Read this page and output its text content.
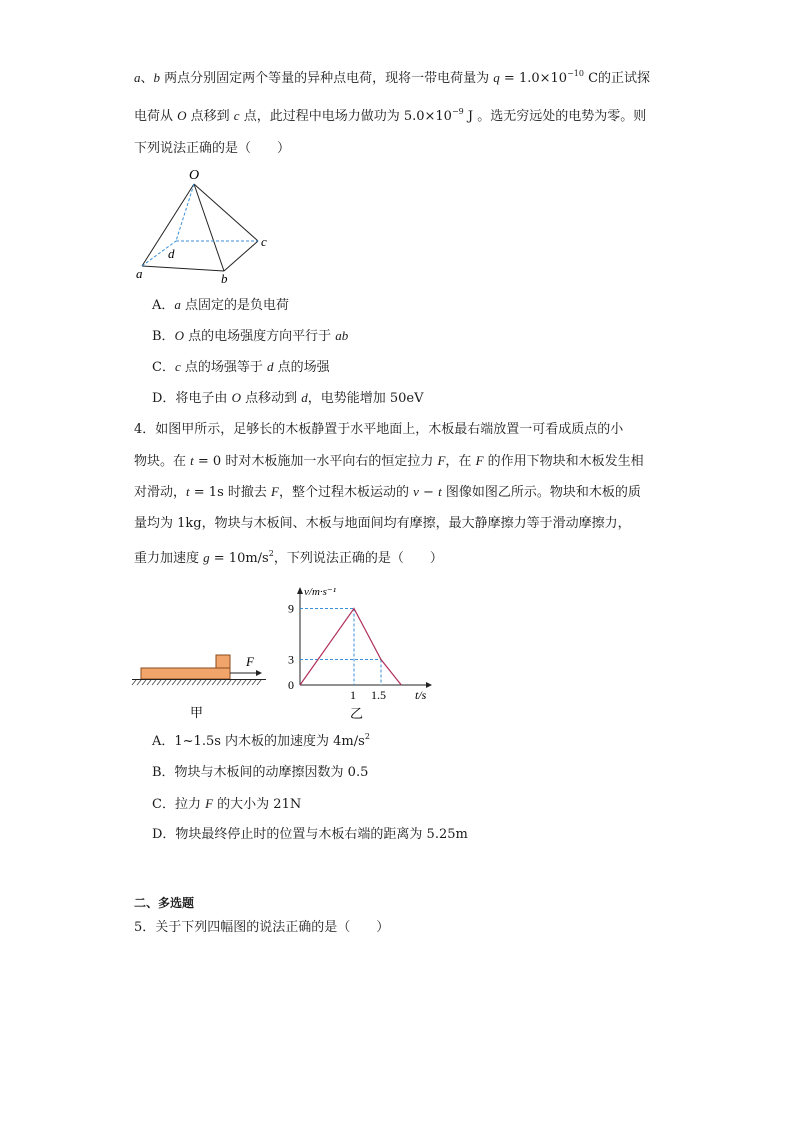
a、b 两点分别固定两个等量的异种点电荷，现将一带电荷量为 $q = 1.0\times 10^{-10}$ C的正试探
电荷从 O 点移到 c 点，此过程中电场力做功为 $5.0\times 10^{-9}$ J 。选无穷远处的电势为零。则
下列说法正确的是（　　）
O
a	b
c
d
A．a 点固定的是负电荷
B．O 点的电场强度方向平行于 ab
C．c 点的场强等于 d 点的场强
D．将电子由 O 点移动到 d，电势能增加 50eV
4．如图甲所示，足够长的木板静置于水平地面上，木板最右端放置一可看成质点的小
物块。在 t = 0 时对木板施加一水平向右的恒定拉力 F，在 F 的作用下物块和木板发生相
对滑动，t = 1s 时撤去 F，整个过程木板运动的 v − t 图像如图乙所示。物块和木板的质
量均为 1kg，物块与木板间、木板与地面间均有摩擦，最大静摩擦力等于滑动摩擦力，
重力加速度 $g = 10m/s^2$，下列说法正确的是（　　）
F
甲
0
1 1.5
3
9
v/m·s⁻¹
t/s
乙
A．1~1.5s 内木板的加速度为 $4m/s^2$
B．物块与木板间的动摩擦因数为 0.5
C．拉力 F 的大小为 21N
D．物块最终停止时的位置与木板右端的距离为 5.25m
二、多选题
5．关于下列四幅图的说法正确的是（　　）
